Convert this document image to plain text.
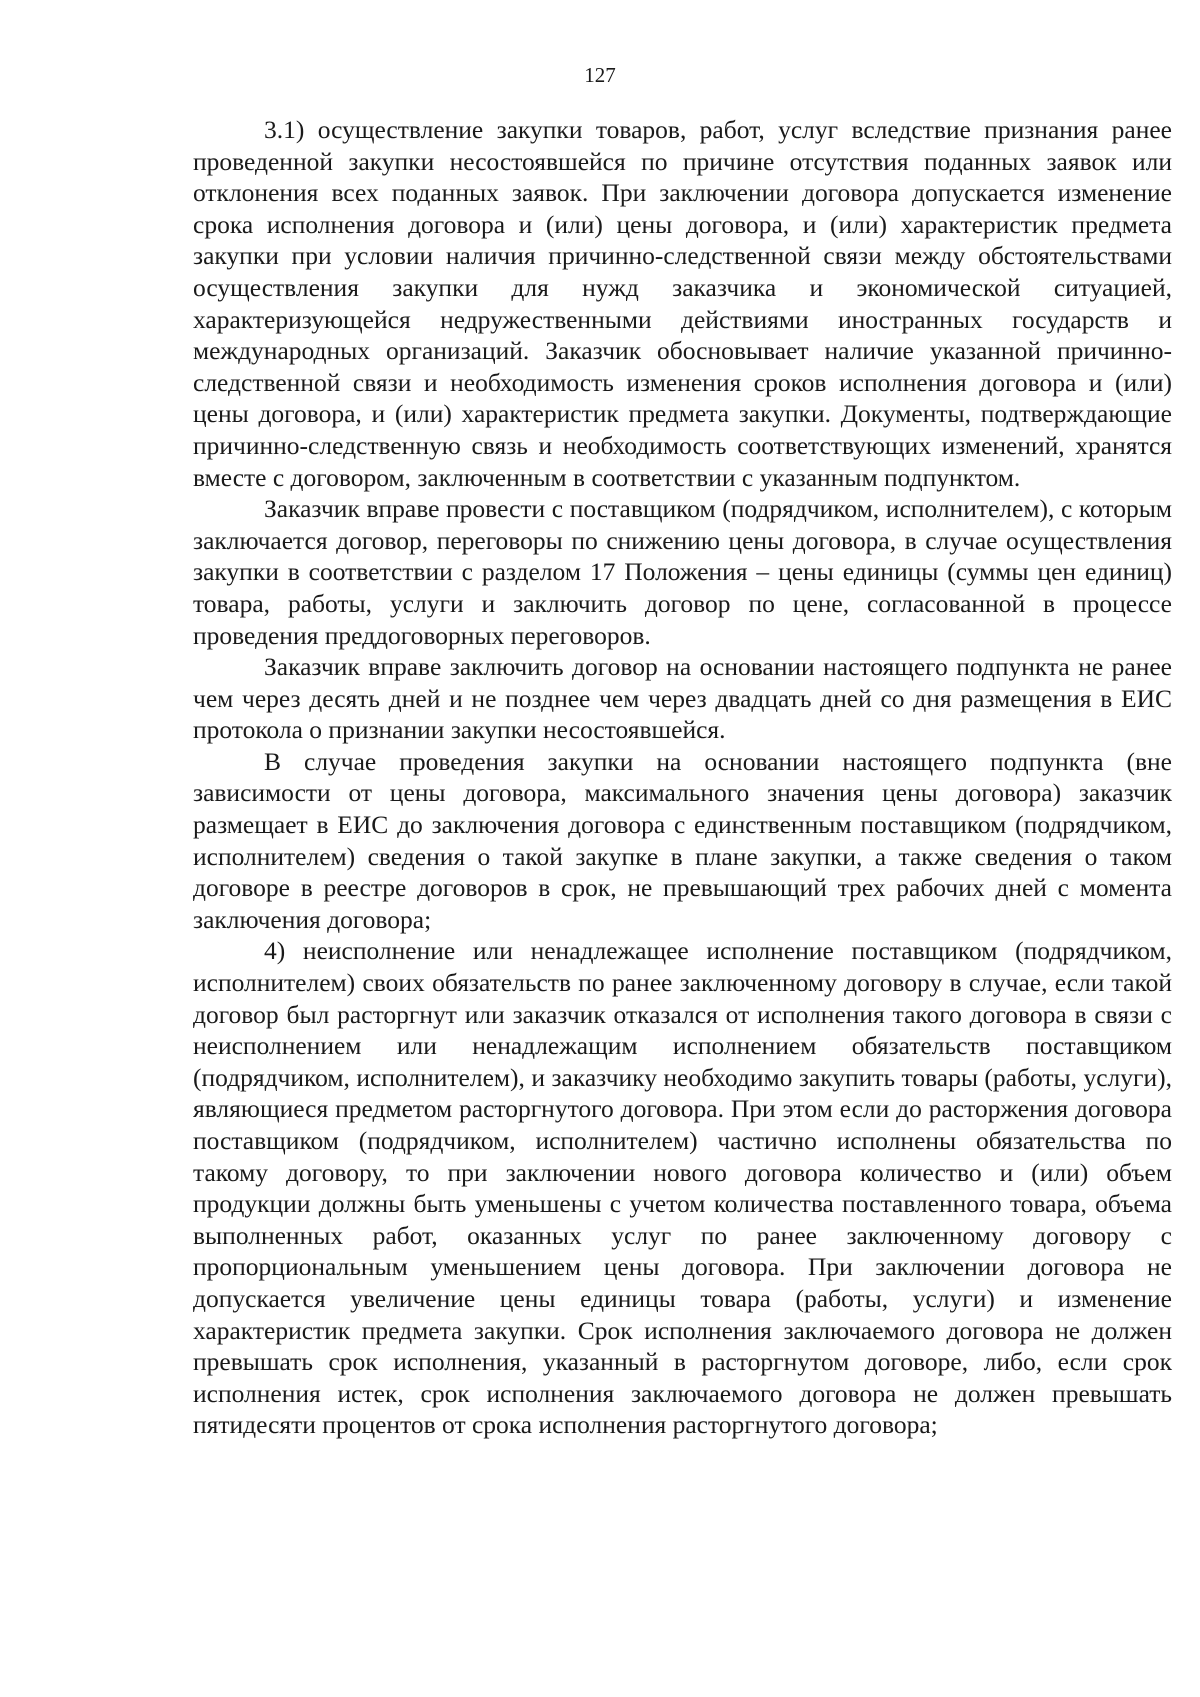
127

3.1) осуществление закупки товаров, работ, услуг вследствие признания ранее проведенной закупки несостоявшейся по причине отсутствия поданных заявок или отклонения всех поданных заявок. При заключении договора допускается изменение срока исполнения договора и (или) цены договора, и (или) характеристик предмета закупки при условии наличия причинно-следственной связи между обстоятельствами осуществления закупки для нужд заказчика и экономической ситуацией, характеризующейся недружественными действиями иностранных государств и международных организаций. Заказчик обосновывает наличие указанной причинно-следственной связи и необходимость изменения сроков исполнения договора и (или) цены договора, и (или) характеристик предмета закупки. Документы, подтверждающие причинно-следственную связь и необходимость соответствующих изменений, хранятся вместе с договором, заключенным в соответствии с указанным подпунктом.

Заказчик вправе провести с поставщиком (подрядчиком, исполнителем), с которым заключается договор, переговоры по снижению цены договора, в случае осуществления закупки в соответствии с разделом 17 Положения – цены единицы (суммы цен единиц) товара, работы, услуги и заключить договор по цене, согласованной в процессе проведения преддоговорных переговоров.

Заказчик вправе заключить договор на основании настоящего подпункта не ранее чем через десять дней и не позднее чем через двадцать дней со дня размещения в ЕИС протокола о признании закупки несостоявшейся.

В случае проведения закупки на основании настоящего подпункта (вне зависимости от цены договора, максимального значения цены договора) заказчик размещает в ЕИС до заключения договора с единственным поставщиком (подрядчиком, исполнителем) сведения о такой закупке в плане закупки, а также сведения о таком договоре в реестре договоров в срок, не превышающий трех рабочих дней с момента заключения договора;

4) неисполнение или ненадлежащее исполнение поставщиком (подрядчиком, исполнителем) своих обязательств по ранее заключенному договору в случае, если такой договор был расторгнут или заказчик отказался от исполнения такого договора в связи с неисполнением или ненадлежащим исполнением обязательств поставщиком (подрядчиком, исполнителем), и заказчику необходимо закупить товары (работы, услуги), являющиеся предметом расторгнутого договора. При этом если до расторжения договора поставщиком (подрядчиком, исполнителем) частично исполнены обязательства по такому договору, то при заключении нового договора количество и (или) объем продукции должны быть уменьшены с учетом количества поставленного товара, объема выполненных работ, оказанных услуг по ранее заключенному договору с пропорциональным уменьшением цены договора. При заключении договора не допускается увеличение цены единицы товара (работы, услуги) и изменение характеристик предмета закупки. Срок исполнения заключаемого договора не должен превышать срок исполнения, указанный в расторгнутом договоре, либо, если срок исполнения истек, срок исполнения заключаемого договора не должен превышать пятидесяти процентов от срока исполнения расторгнутого договора;
